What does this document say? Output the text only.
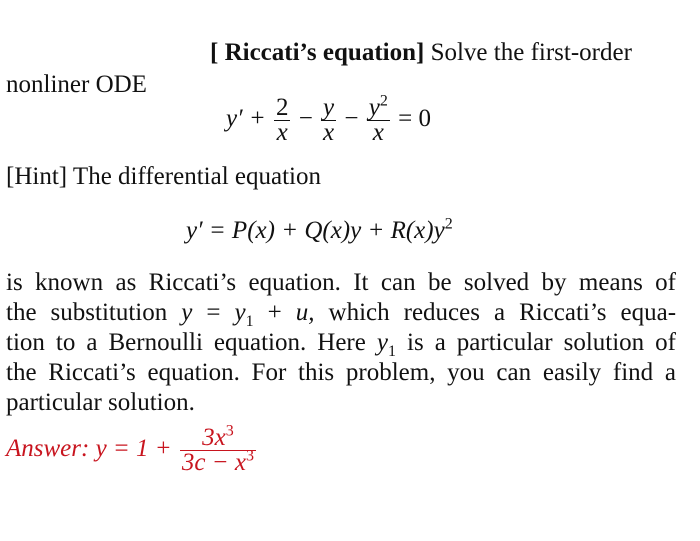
[ Riccati’s equation] Solve the first-order
nonliner ODE
$y' + \frac{2}{x} - \frac{y}{x} - \frac{y^2}{x} = 0$
[Hint] The differential equation
$y' = P(x) + Q(x)y + R(x)y^2$
is known as Riccati’s equation. It can be solved by means of
the substitution $y = y_1 + u$, which reduces a Riccati’s equa-
tion to a Bernoulli equation. Here $y_1$ is a particular solution of
the Riccati’s equation. For this problem, you can easily find a
particular solution.
Answer: $y = 1 + \frac{3x^3}{3c - x^3}$
